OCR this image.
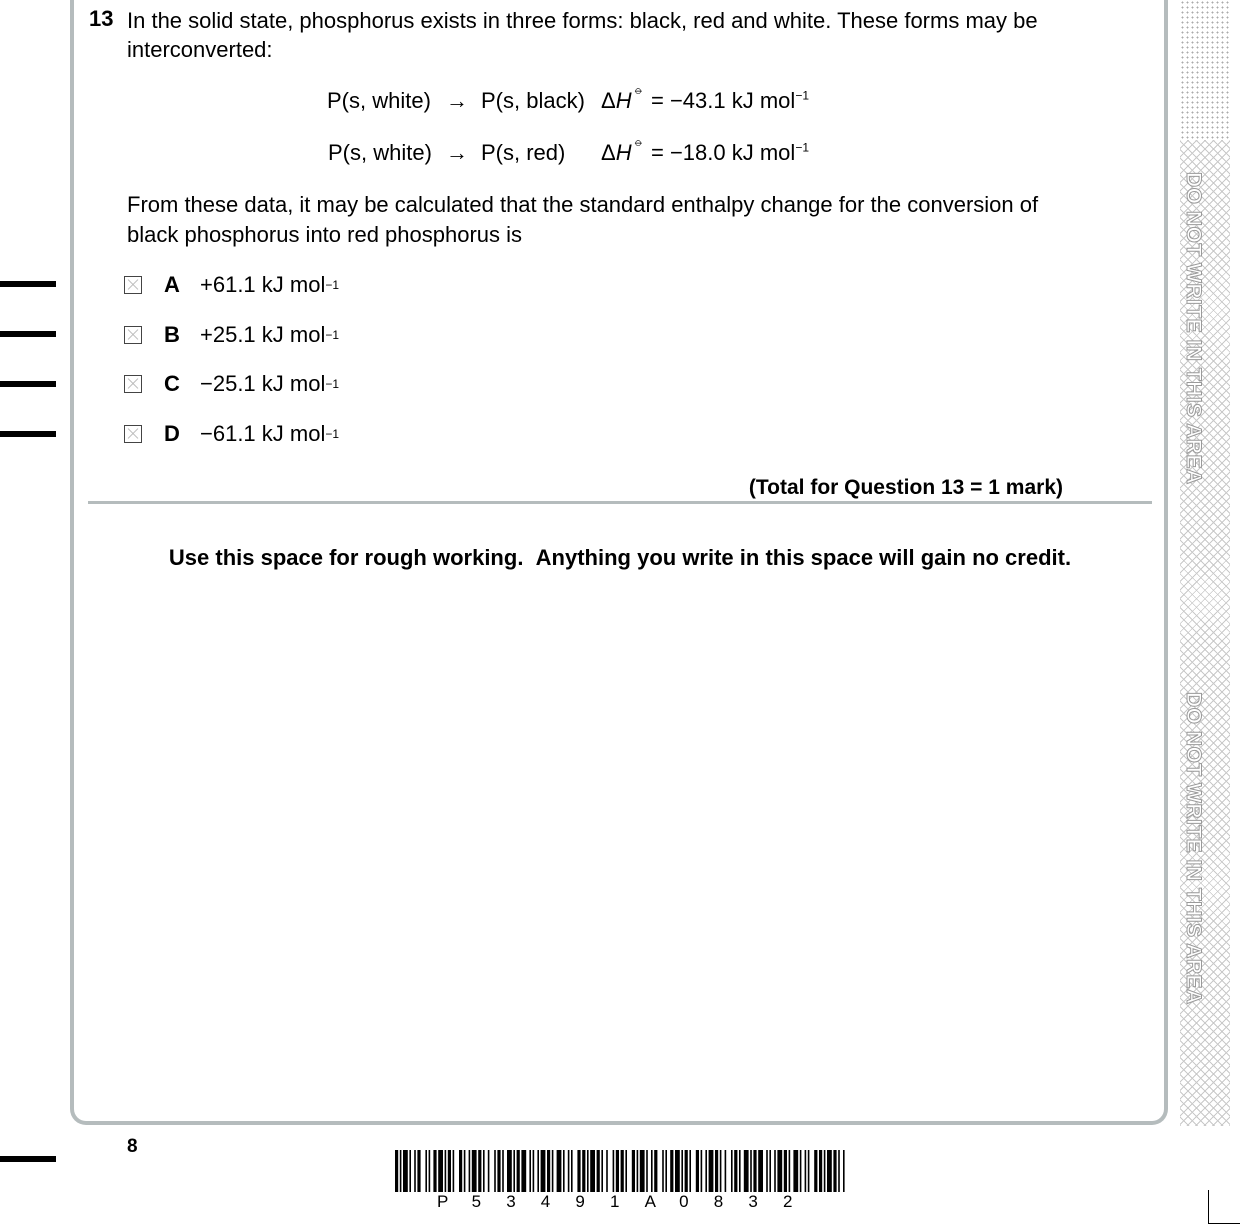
13 In the solid state, phosphorus exists in three forms: black, red and white. These forms may be interconverted:
P(s, white) → P(s, black) ΔH ⦵ = −43.1 kJ mol$^{-1}$
P(s, white) → P(s, red) ΔH ⦵ = −18.0 kJ mol$^{-1}$
From these data, it may be calculated that the standard enthalpy change for the conversion of black phosphorus into red phosphorus is
A +61.1 kJ mol −1
B +25.1 kJ mol −1
C −25.1 kJ mol −1
D −61.1 kJ mol −1
(Total for Question 13 = 1 mark)
Use this space for rough working. Anything you write in this space will gain no credit.
DO NOT WRITE IN THIS AREA
DO NOT WRITE IN THIS AREA
8
P 5 3 4 9 1 A 0 8 3 2
